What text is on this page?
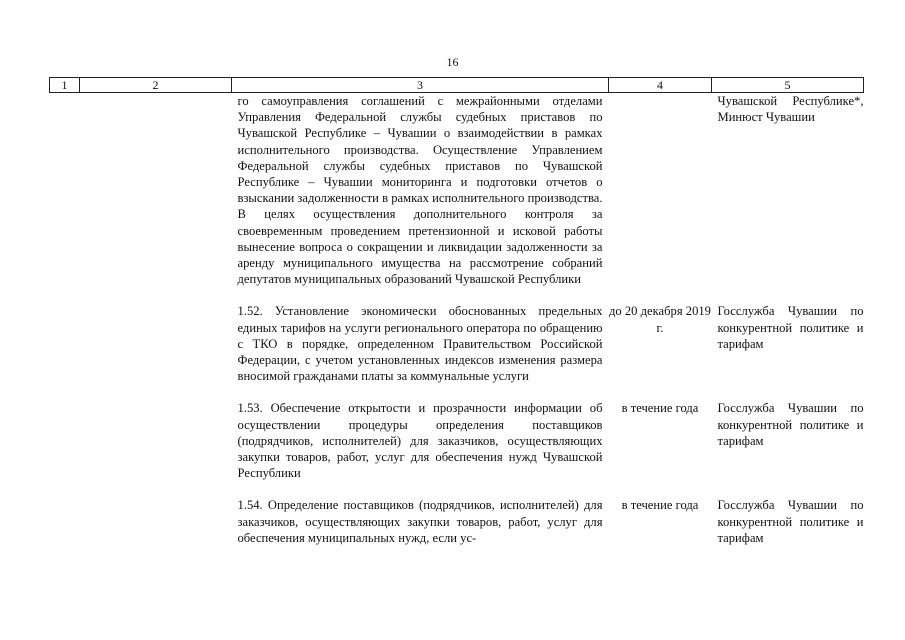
16
1	2	3	4	5
		го самоуправления соглашений с межрайонными отделами Управления Федеральной службы судебных приставов по Чувашской Республике – Чувашии о взаимодействии в рамках исполнительного производства. Осуществление Управлением Федеральной службы судебных приставов по Чувашской Республике – Чувашии мониторинга и подготовки отчетов о взыскании задолженности в рамках исполнительного производства. В целях осуществления дополнительного контроля за своевременным проведением претензионной и исковой работы вынесение вопроса о сокращении и ликвидации задолженности за аренду муниципального имущества на рассмотрение собраний депутатов муниципальных образований Чувашской Республики		Чувашской Республике*, Минюст Чувашии

		1.52. Установление экономически обоснованных предельных единых тарифов на услуги регионального оператора по обращению с ТКО в порядке, определенном Правительством Российской Федерации, с учетом установленных индексов изменения размера вносимой гражданами платы за коммунальные услуги	до 20 декабря 2019 г.	Госслужба Чувашии по конкурентной политике и тарифам

		1.53. Обеспечение открытости и прозрачности информации об осуществлении процедуры определения поставщиков (подрядчиков, исполнителей) для заказчиков, осуществляющих закупки товаров, работ, услуг для обеспечения нужд Чувашской Республики	в течение года	Госслужба Чувашии по конкурентной политике и тарифам

		1.54. Определение поставщиков (подрядчиков, исполнителей) для заказчиков, осуществляющих закупки товаров, работ, услуг для обеспечения муниципальных нужд, если ус-	в течение года	Госслужба Чувашии по конкурентной политике и тарифам
